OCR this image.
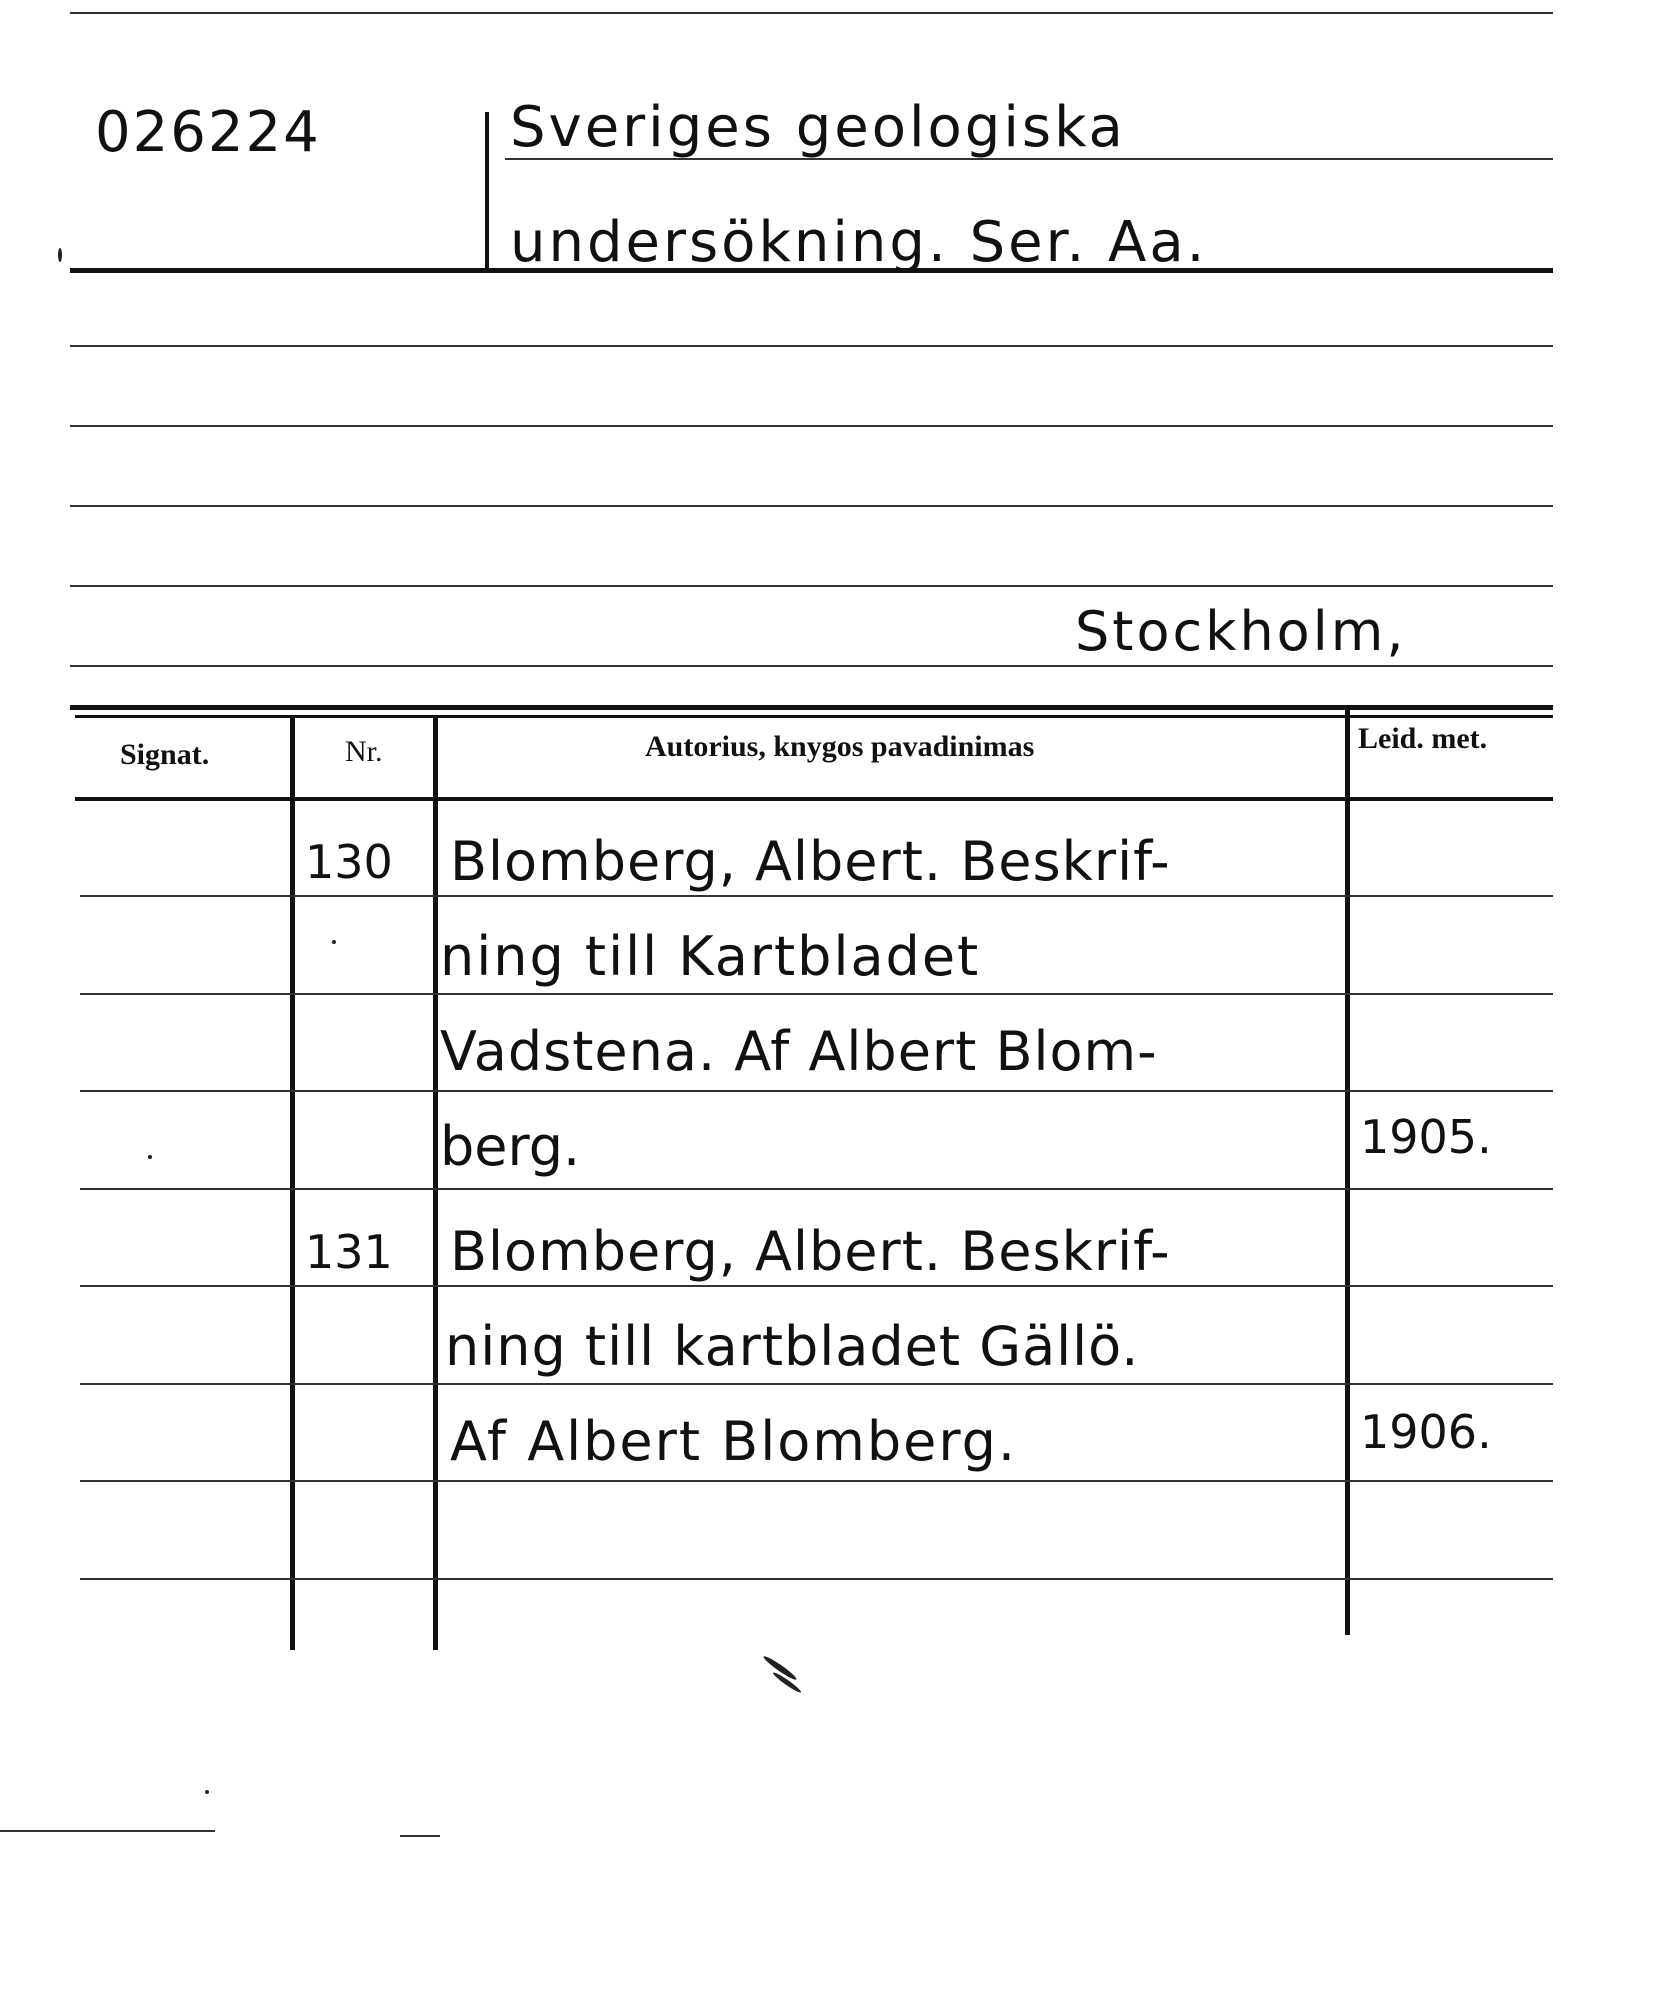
026224	Sveriges geologiska
undersökning. Ser. Aa.
Stockholm,
Signat.	Nr.	Autorius, knygos pavadinimas	Leid. met.
130 Blomberg, Albert. Beskrif-
ning till Kartbladet
Vadstena. Af Albert Blom-
berg.	1905.
131 Blomberg, Albert. Beskrif-
ning till kartbladet Gällö.
Af Albert Blomberg.	1906.
